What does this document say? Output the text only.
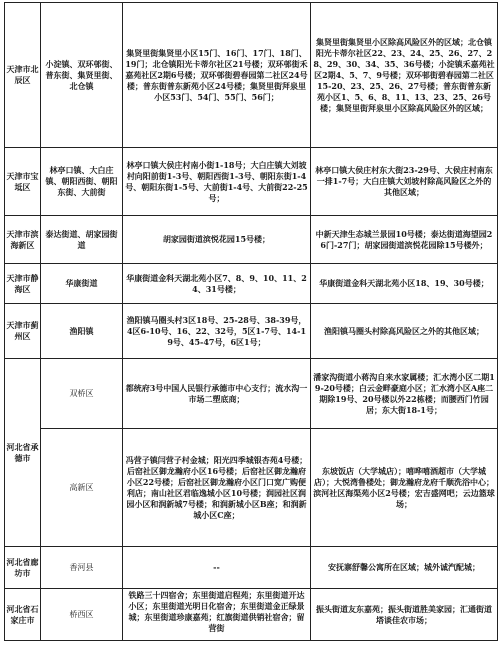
天津市北辰区	小淀镇、双环邨街、普东街、集贤里街、北仓镇	集贤里街集贤里小区15门、16门、17门、18门、19门；北仓镇阳光卡蒂尔社区21号楼；双环邨街禾嘉苑社区2期6号楼；双环邨街碧春园第二社区24号楼；普东街普东新苑小区24号楼；集贤里街拜泉里小区53门、54门、55门、56门；	集贤里街集贤里小区除高风险区外的区域；北仓镇阳光卡蒂尔社区22、23、24、25、26、27、28、29、30、34、35、36号楼；小淀镇禾嘉苑社区2期4、5、7、9号楼；双环邨街碧春园第二社区15-20、23、25、26、27号楼；普东街普东新苑小区1、5、6、8、11、13、23、25、26号楼；集贤里街拜泉里小区除高风险区外的区域；
天津市宝坻区	林亭口镇、大白庄镇、朝阳西街、朝阳东街、大前街	林亭口镇大侯庄村南小街1-18号；大白庄镇大刘坡村向阳前街1-3号、朝阳西街1-3号、朝阳东街1-4号、朝阳东街1-5号、大前街1-4号、大前街22-25号；	林亭口镇大侯庄村东大街23-29号、大侯庄村南东一排1-7号；大白庄镇大刘坡村除高风险区之外的其他区域；
天津市滨海新区	泰达街道、胡家园街道	胡家园街道滨悦花园15号楼；	中新天津生态城兰景园10号楼；泰达街道海望园26门-27门；胡家园街道滨悦花园除15号楼外；
天津市静海区	华康街道	华康街道金科天湖北苑小区7、8、9、10、11、24、31号楼；	华康街道金科天湖北苑小区18、19、30号楼；
天津市蓟州区	渔阳镇	渔阳镇马圈头村3区18号、25-28号、38-39号，4区6-10号、16、22、32号，5区1-7号、14-19号、45-47号，6区1号；	渔阳镇马圈头村除高风险区之外的其他区域；
河北省承德市	双桥区	都统府3号中国人民银行承德市中心支行；流水沟一市场二塑底商；	潘家沟街道小蒋沟自来水家属楼；汇水湾小区二期19-20号楼；白云金畔豪庭小区；汇水湾小区A座二期除19号、20号楼以外22栋楼；而腰西门竹园居；东大街18-1号；
	高新区	冯营子镇闫营子村金城；阳光四季城银杏苑4号楼；后窑社区御龙瀚府小区16号楼；后窑社区御龙瀚府小区22号楼；后窑社区御龙瀚府小区门口宽广购便利店；南山社区君临逸城小区10号楼；润园社区润园小区和润新城7号楼；和润新城小区B座；和润新城小区C座；	东坡饭店（大学城店）；嘻哗嘻酒超市（大学城店）；大悦湾鲁楼处；御龙瀚府龙府千顺洗浴中心；滨河社区海渠苑小区2号楼；宏吉盛网吧；云边篮球场；
河北省廊坊市	香河县	--	安抚寨舒馨公寓所在区域；城外诚汽配城；
河北省石家庄市	桥西区	铁路三十四宿舍；东里街道启程苑；东里街道开达小区；东里街道光明日化宿舍；东里街道金正绿景城；东里街道珍康嘉苑；红旗街道供销社宿舍；留营街	振头街道友东嘉苑；振头街道胜美家园；汇通街道塔谈佳农市场；
